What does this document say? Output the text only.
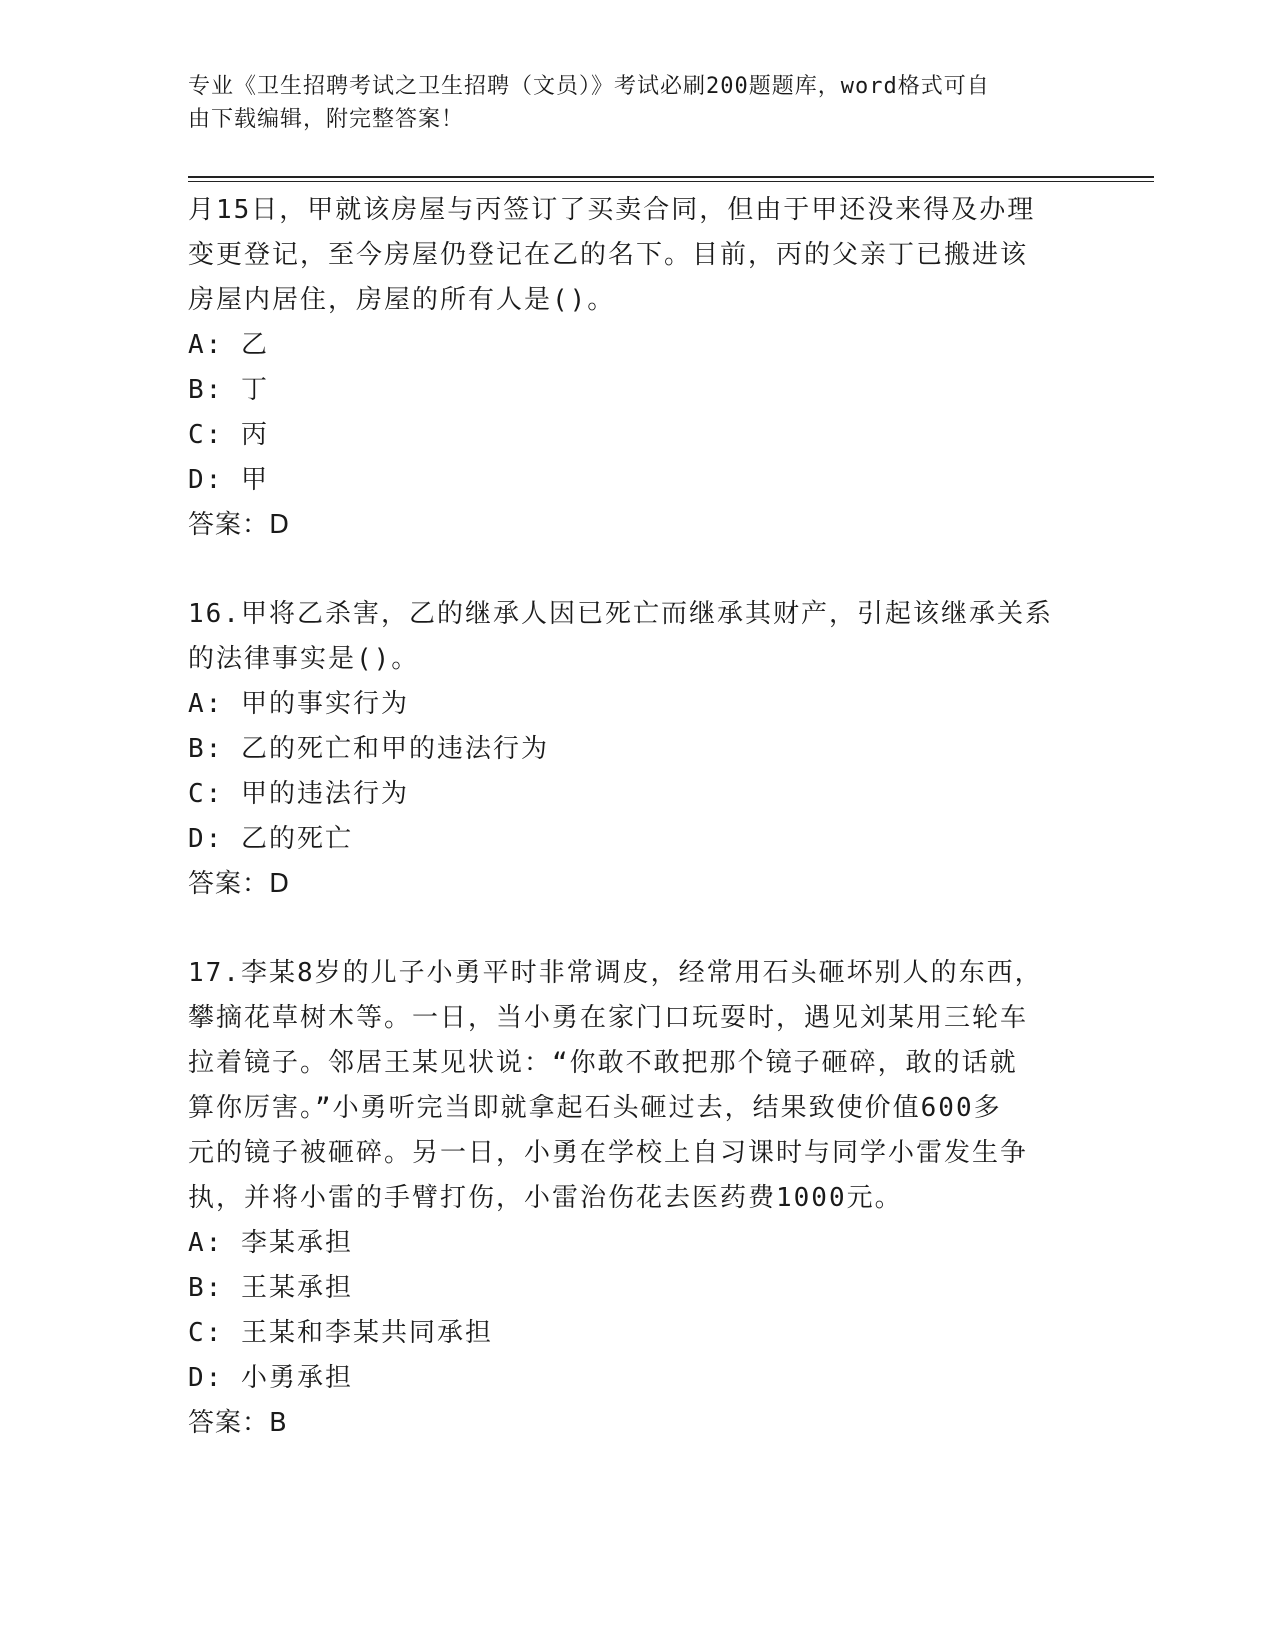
专业《卫生招聘考试之卫生招聘（文员）》考试必刷200题题库，word格式可自
由下载编辑，附完整答案！
月15日，甲就该房屋与丙签订了买卖合同，但由于甲还没来得及办理
变更登记，至今房屋仍登记在乙的名下。目前，丙的父亲丁已搬进该
房屋内居住，房屋的所有人是()。
A: 乙
B: 丁
C: 丙
D: 甲
答案：D
16.甲将乙杀害，乙的继承人因已死亡而继承其财产，引起该继承关系
的法律事实是()。
A: 甲的事实行为
B: 乙的死亡和甲的违法行为
C: 甲的违法行为
D: 乙的死亡
答案：D
17.李某8岁的儿子小勇平时非常调皮，经常用石头砸坏别人的东西，
攀摘花草树木等。一日，当小勇在家门口玩耍时，遇见刘某用三轮车
拉着镜子。邻居王某见状说：“你敢不敢把那个镜子砸碎，敢的话就
算你厉害。”小勇听完当即就拿起石头砸过去，结果致使价值600多
元的镜子被砸碎。另一日，小勇在学校上自习课时与同学小雷发生争
执，并将小雷的手臂打伤，小雷治伤花去医药费1000元。
A: 李某承担
B: 王某承担
C: 王某和李某共同承担
D: 小勇承担
答案：B
